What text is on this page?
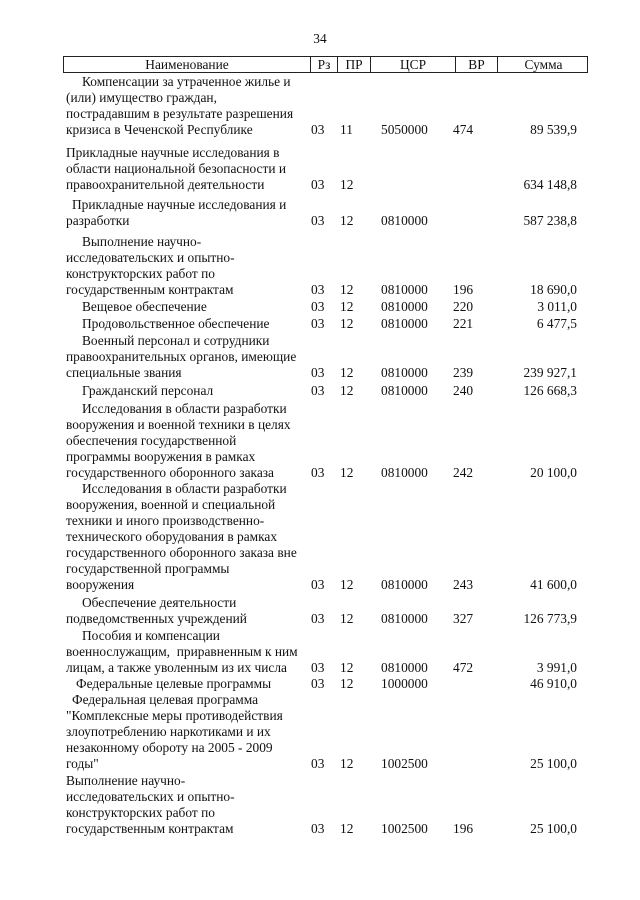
34
Наименование	Рз	ПР	ЦСР	ВР	Сумма
Компенсации за утраченное жилье и
(или) имущество граждан,
пострадавшим в результате разрешения
кризиса в Чеченской Республике	03 11 5050000 474	89 539,9
Прикладные научные исследования в
области национальной безопасности и
правоохранительной деятельности	03 12	634 148,8
Прикладные научные исследования и
разработки	03 12 0810000	587 238,8
Выполнение научно-
исследовательских и опытно-
конструкторских работ по
государственным контрактам	03 12 0810000 196	18 690,0
Вещевое обеспечение	03 12 0810000 220	3 011,0
Продовольственное обеспечение	03 12 0810000 221	6 477,5
Военный персонал и сотрудники
правоохранительных органов, имеющие
специальные звания	03 12 0810000 239	239 927,1
Гражданский персонал	03 12 0810000 240	126 668,3
Исследования в области разработки
вооружения и военной техники в целях
обеспечения государственной
программы вооружения в рамках
государственного оборонного заказа	03 12 0810000 242	20 100,0
Исследования в области разработки
вооружения, военной и специальной
техники и иного производственно-
технического оборудования в рамках
государственного оборонного заказа вне
государственной программы
вооружения	03 12 0810000 243	41 600,0
Обеспечение деятельности
подведомственных учреждений	03 12 0810000 327	126 773,9
Пособия и компенсации
военнослужащим,  приравненным к ним
лицам, а также уволенным из их числа	03 12 0810000 472	3 991,0
Федеральные целевые программы	03 12 1000000	46 910,0
Федеральная целевая программа
"Комплексные меры противодействия
злоупотреблению наркотиками и их
незаконному обороту на 2005 - 2009
годы"	03 12 1002500	25 100,0
Выполнение научно-
исследовательских и опытно-
конструкторских работ по
государственным контрактам	03 12 1002500 196	25 100,0
